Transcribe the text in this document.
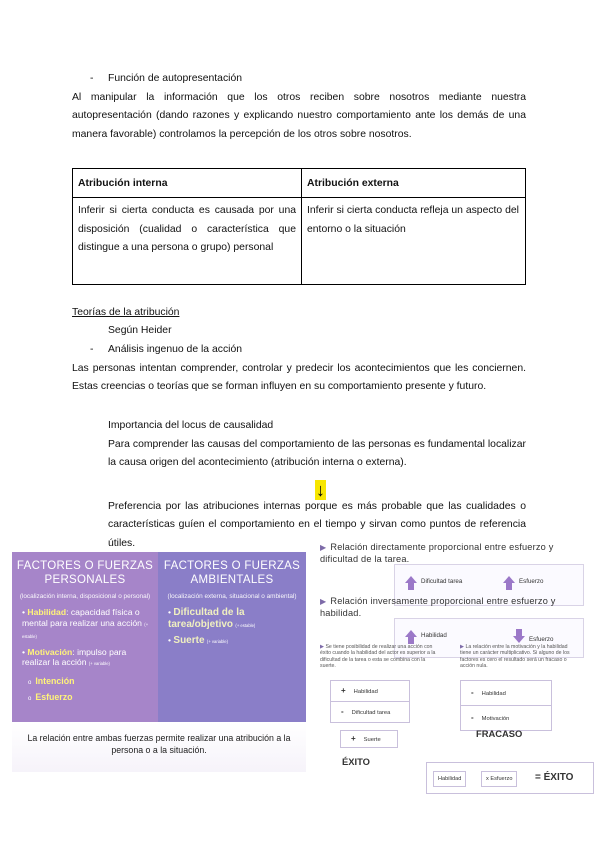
- Función de autopresentación

Al manipular la información que los otros reciben sobre nosotros mediante nuestra autopresentación (dando razones y explicando nuestro comportamiento ante los demás de una manera favorable) controlamos la percepción de los otros sobre nosotros.

Atribución interna	Atribución externa
Inferir si cierta conducta es causada por una disposición (cualidad o característica que distingue a una persona o grupo) personal	Inferir si cierta conducta refleja un aspecto del entorno o la situación
Teorías de la atribución
Según Heider
- Análisis ingenuo de la acción

Las personas intentan comprender, controlar y predecir los acontecimientos que les conciernen. Estas creencias o teorías que se forman influyen en su comportamiento presente y futuro.

Importancia del locus de causalidad

Para comprender las causas del comportamiento de las personas es fundamental localizar la causa origen del acontecimiento (atribución interna o externa).

↓

Preferencia por las atribuciones internas porque es más probable que las cualidades o características guíen el comportamiento en el tiempo y sirvan como puntos de referencia útiles.

FACTORES O FUERZAS PERSONALES
(localización interna, disposicional o personal)
• Habilidad: capacidad física o mental para realizar una acción (+ estable)
• Motivación: impulso para realizar la acción (+ variable)
o Intención
o Esfuerzo
FACTORES O FUERZAS AMBIENTALES
(localización externa, situacional o ambiental)
• Dificultad de la tarea/objetivo (+ estable)
• Suerte (+ variable)
La relación entre ambas fuerzas permite realizar una atribución a la persona o a la situación.
▶ Relación directamente proporcional entre esfuerzo y dificultad de la tarea.
Dificultad tarea	Esfuerzo
▶ Relación inversamente proporcional entre esfuerzo y habilidad.
Habilidad
Esfuerzo
▶ Se tiene posibilidad de realizar una acción con éxito cuando la habilidad del actor es superior a la dificultad de la tarea o esta se combina con la suerte.
▶ La relación entre la motivación y la habilidad tiene un carácter multiplicativo. Si alguno de los factores es cero el resultado será un fracaso o acción nula.
+ Habilidad
- Dificultad tarea
+ Suerte
ÉXITO
- Habilidad
- Motivación
FRACASO
Habilidad	x Esfuerzo	= ÉXITO
